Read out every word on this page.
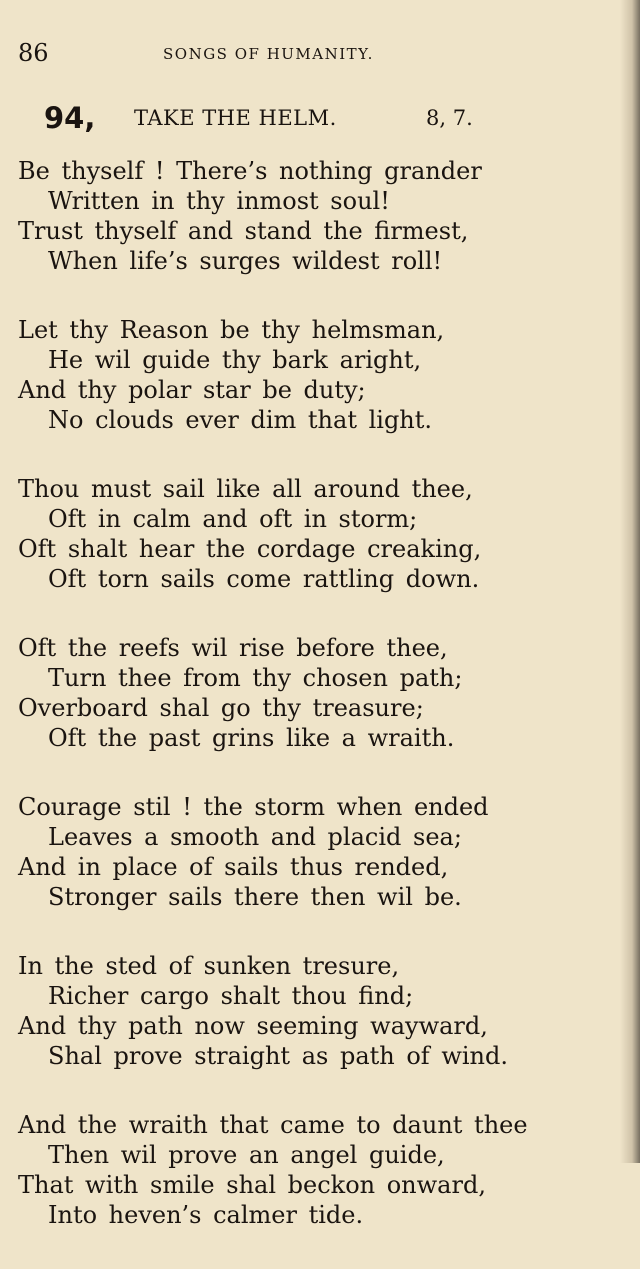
86	SONGS OF HUMANITY.
94, TAKE THE HELM.	8, 7.
Be thyself ! There’s nothing grander
Written in thy inmost soul!
Trust thyself and stand the firmest,
When life’s surges wildest roll!
Let thy Reason be thy helmsman,
He wil guide thy bark aright,
And thy polar star be duty;
No clouds ever dim that light.
Thou must sail like all around thee,
Oft in calm and oft in storm;
Oft shalt hear the cordage creaking,
Oft torn sails come rattling down.
Oft the reefs wil rise before thee,
Turn thee from thy chosen path;
Overboard shal go thy treasure;
Oft the past grins like a wraith.
Courage stil ! the storm when ended
Leaves a smooth and placid sea;
And in place of sails thus rended,
Stronger sails there then wil be.
In the sted of sunken tresure,
Richer cargo shalt thou find;
And thy path now seeming wayward,
Shal prove straight as path of wind.
And the wraith that came to daunt thee
Then wil prove an angel guide,
That with smile shal beckon onward,
Into heven’s calmer tide.
